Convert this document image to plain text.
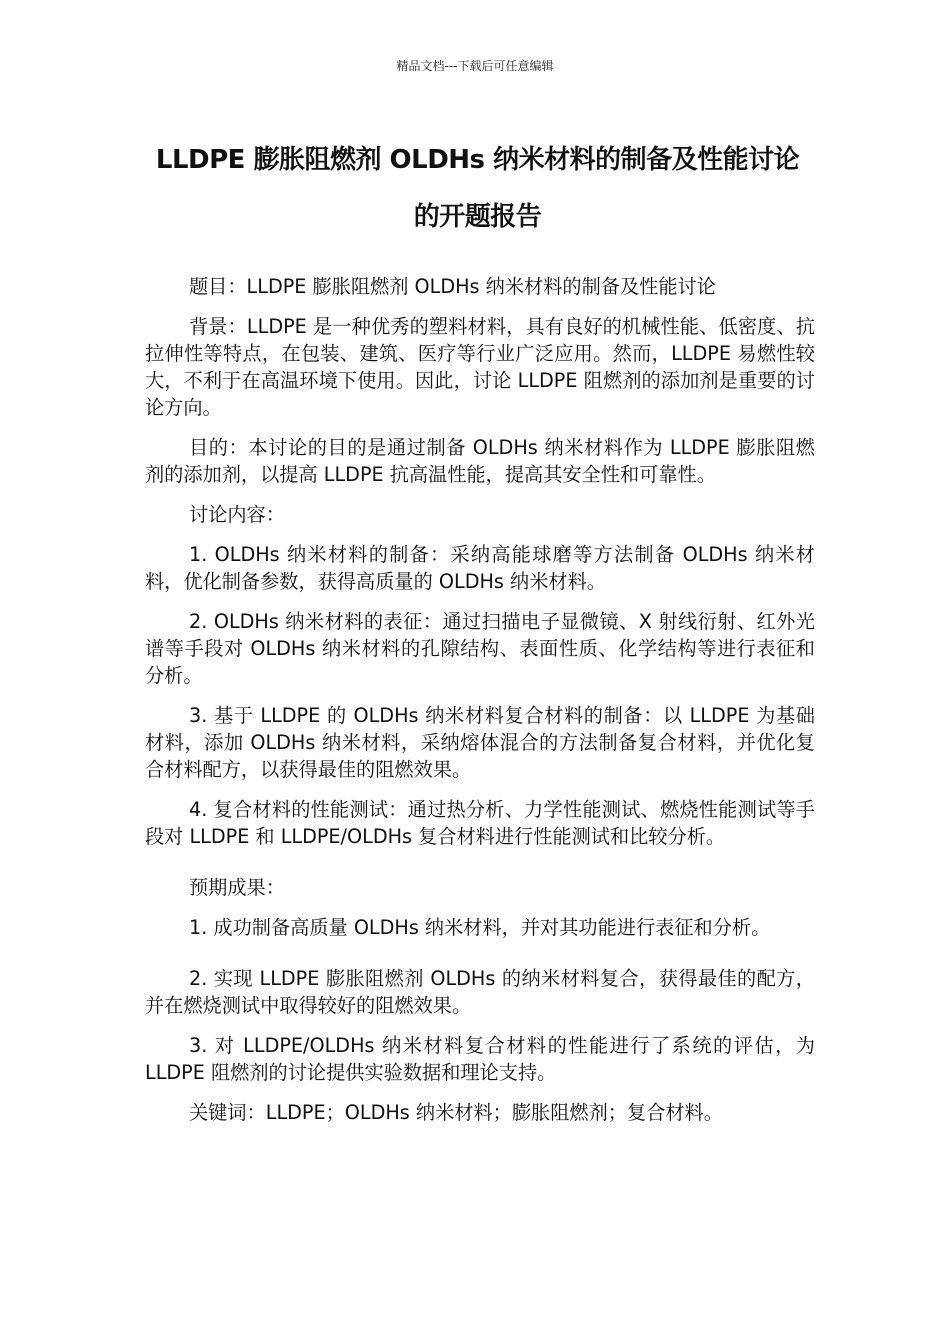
精品文档---下载后可任意编辑
LLDPE 膨胀阻燃剂 OLDHs 纳米材料的制备及性能讨论的开题报告

题目：LLDPE 膨胀阻燃剂 OLDHs 纳米材料的制备及性能讨论

背景：LLDPE 是一种优秀的塑料材料，具有良好的机械性能、低密度、抗拉伸性等特点，在包装、建筑、医疗等行业广泛应用。然而，LLDPE 易燃性较大，不利于在高温环境下使用。因此，讨论 LLDPE 阻燃剂的添加剂是重要的讨论方向。

目的：本讨论的目的是通过制备 OLDHs 纳米材料作为 LLDPE 膨胀阻燃剂的添加剂，以提高 LLDPE 抗高温性能，提高其安全性和可靠性。

讨论内容：

1. OLDHs 纳米材料的制备：采纳高能球磨等方法制备 OLDHs 纳米材料，优化制备参数，获得高质量的 OLDHs 纳米材料。

2. OLDHs 纳米材料的表征：通过扫描电子显微镜、X 射线衍射、红外光谱等手段对 OLDHs 纳米材料的孔隙结构、表面性质、化学结构等进行表征和分析。

3. 基于 LLDPE 的 OLDHs 纳米材料复合材料的制备：以 LLDPE 为基础材料，添加 OLDHs 纳米材料，采纳熔体混合的方法制备复合材料，并优化复合材料配方，以获得最佳的阻燃效果。

4. 复合材料的性能测试：通过热分析、力学性能测试、燃烧性能测试等手段对 LLDPE 和 LLDPE/OLDHs 复合材料进行性能测试和比较分析。

预期成果：

1. 成功制备高质量 OLDHs 纳米材料，并对其功能进行表征和分析。

2. 实现 LLDPE 膨胀阻燃剂 OLDHs 的纳米材料复合，获得最佳的配方，并在燃烧测试中取得较好的阻燃效果。

3. 对 LLDPE/OLDHs 纳米材料复合材料的性能进行了系统的评估，为 LLDPE 阻燃剂的讨论提供实验数据和理论支持。

关键词：LLDPE；OLDHs 纳米材料；膨胀阻燃剂；复合材料。
